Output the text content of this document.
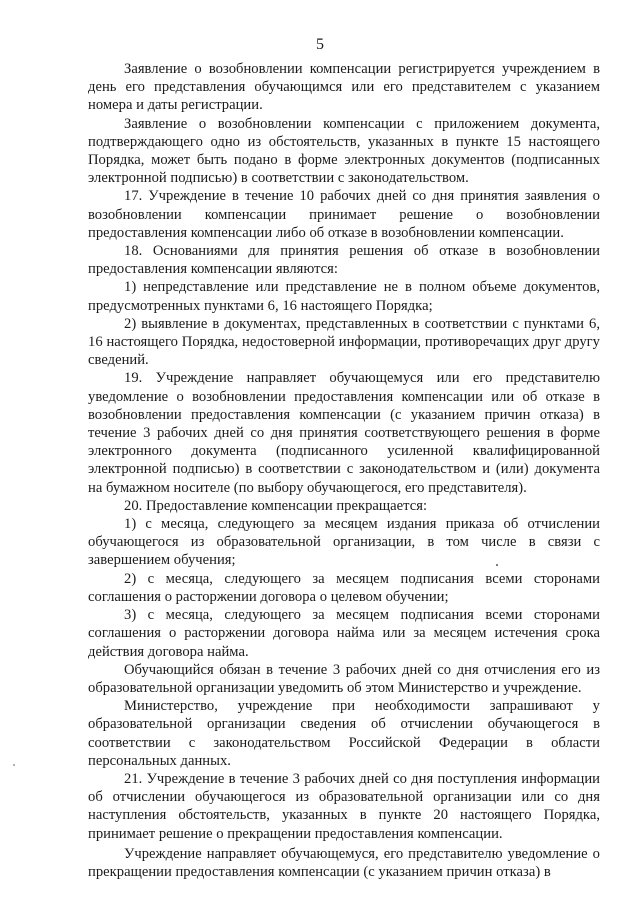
5

Заявление о возобновлении компенсации регистрируется учреждением в день его представления обучающимся или его представителем с указанием номера и даты регистрации.

Заявление о возобновлении компенсации с приложением документа, подтверждающего одно из обстоятельств, указанных в пункте 15 настоящего Порядка, может быть подано в форме электронных документов (подписанных электронной подписью) в соответствии с законодательством.

17. Учреждение в течение 10 рабочих дней со дня принятия заявления о возобновлении компенсации принимает решение о возобновлении предоставления компенсации либо об отказе в возобновлении компенсации.

18. Основаниями для принятия решения об отказе в возобновлении предоставления компенсации являются:

1) непредставление или представление не в полном объеме документов, предусмотренных пунктами 6, 16 настоящего Порядка;

2) выявление в документах, представленных в соответствии с пунктами 6, 16 настоящего Порядка, недостоверной информации, противоречащих друг другу сведений.

19. Учреждение направляет обучающемуся или его представителю уведомление о возобновлении предоставления компенсации или об отказе в возобновлении предоставления компенсации (с указанием причин отказа) в течение 3 рабочих дней со дня принятия соответствующего решения в форме электронного документа (подписанного усиленной квалифицированной электронной подписью) в соответствии с законодательством и (или) документа на бумажном носителе (по выбору обучающегося, его представителя).

20. Предоставление компенсации прекращается:

1) с месяца, следующего за месяцем издания приказа об отчислении обучающегося из образовательной организации, в том числе в связи с завершением обучения;

2) с месяца, следующего за месяцем подписания всеми сторонами соглашения о расторжении договора о целевом обучении;

3) с месяца, следующего за месяцем подписания всеми сторонами соглашения о расторжении договора найма или за месяцем истечения срока действия договора найма.

Обучающийся обязан в течение 3 рабочих дней со дня отчисления его из образовательной организации уведомить об этом Министерство и учреждение.

Министерство, учреждение при необходимости запрашивают у образовательной организации сведения об отчислении обучающегося в соответствии с законодательством Российской Федерации в области персональных данных.

21. Учреждение в течение 3 рабочих дней со дня поступления информации об отчислении обучающегося из образовательной организации или со дня наступления обстоятельств, указанных в пункте 20 настоящего Порядка, принимает решение о прекращении предоставления компенсации.

Учреждение направляет обучающемуся, его представителю уведомление о прекращении предоставления компенсации (с указанием причин отказа) в
